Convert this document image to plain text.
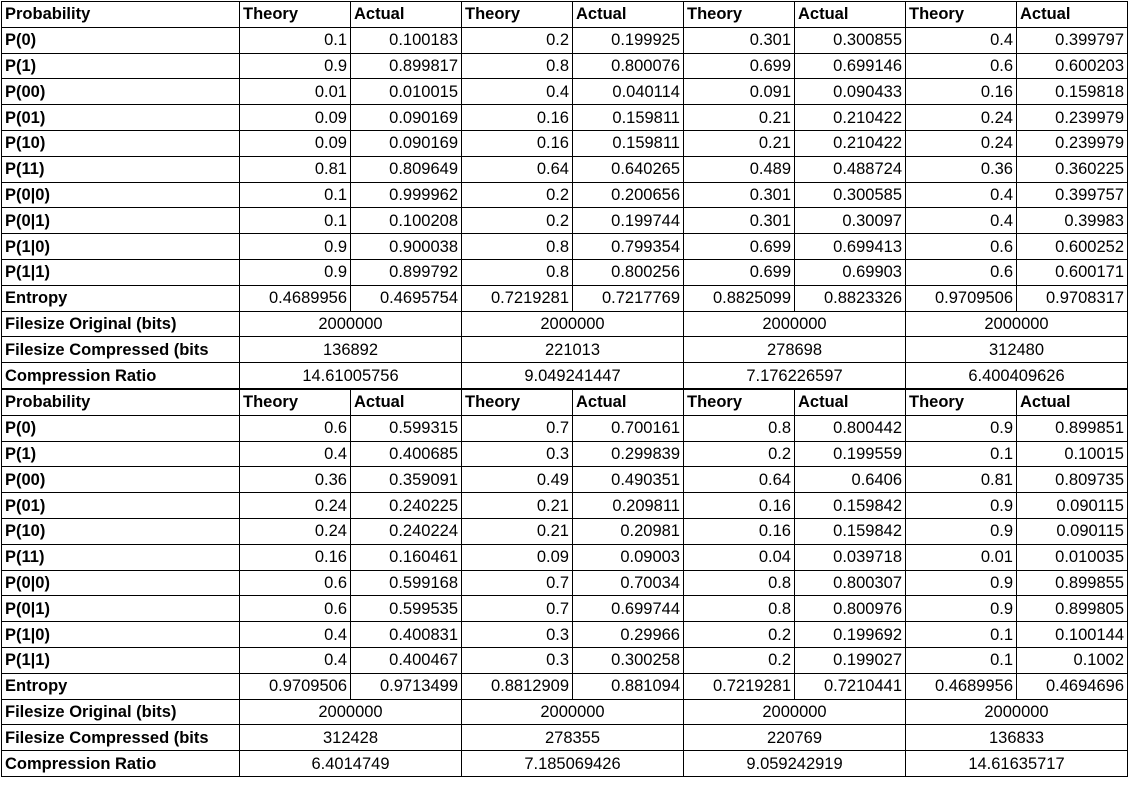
Probability	Theory	Actual	Theory	Actual	Theory	Actual	Theory	Actual
P(0)	0.1	0.100183	0.2	0.199925	0.301	0.300855	0.4	0.399797
P(1)	0.9	0.899817	0.8	0.800076	0.699	0.699146	0.6	0.600203
P(00)	0.01	0.010015	0.4	0.040114	0.091	0.090433	0.16	0.159818
P(01)	0.09	0.090169	0.16	0.159811	0.21	0.210422	0.24	0.239979
P(10)	0.09	0.090169	0.16	0.159811	0.21	0.210422	0.24	0.239979
P(11)	0.81	0.809649	0.64	0.640265	0.489	0.488724	0.36	0.360225
P(0|0)	0.1	0.999962	0.2	0.200656	0.301	0.300585	0.4	0.399757
P(0|1)	0.1	0.100208	0.2	0.199744	0.301	0.30097	0.4	0.39983
P(1|0)	0.9	0.900038	0.8	0.799354	0.699	0.699413	0.6	0.600252
P(1|1)	0.9	0.899792	0.8	0.800256	0.699	0.69903	0.6	0.600171
Entropy	0.4689956	0.4695754	0.7219281	0.7217769	0.8825099	0.8823326	0.9709506	0.9708317
Filesize Original (bits)	2000000		2000000		2000000		2000000	
Filesize Compressed (bits	136892		221013		278698		312480	
Compression Ratio	14.61005756		9.049241447		7.176226597		6.400409626	
Probability	Theory	Actual	Theory	Actual	Theory	Actual	Theory	Actual
P(0)	0.6	0.599315	0.7	0.700161	0.8	0.800442	0.9	0.899851
P(1)	0.4	0.400685	0.3	0.299839	0.2	0.199559	0.1	0.10015
P(00)	0.36	0.359091	0.49	0.490351	0.64	0.6406	0.81	0.809735
P(01)	0.24	0.240225	0.21	0.209811	0.16	0.159842	0.9	0.090115
P(10)	0.24	0.240224	0.21	0.20981	0.16	0.159842	0.9	0.090115
P(11)	0.16	0.160461	0.09	0.09003	0.04	0.039718	0.01	0.010035
P(0|0)	0.6	0.599168	0.7	0.70034	0.8	0.800307	0.9	0.899855
P(0|1)	0.6	0.599535	0.7	0.699744	0.8	0.800976	0.9	0.899805
P(1|0)	0.4	0.400831	0.3	0.29966	0.2	0.199692	0.1	0.100144
P(1|1)	0.4	0.400467	0.3	0.300258	0.2	0.199027	0.1	0.1002
Entropy	0.9709506	0.9713499	0.8812909	0.881094	0.7219281	0.7210441	0.4689956	0.4694696
Filesize Original (bits)	2000000		2000000		2000000		2000000	
Filesize Compressed (bits	312428		278355		220769		136833	
Compression Ratio	6.4014749		7.185069426		9.059242919		14.61635717	
